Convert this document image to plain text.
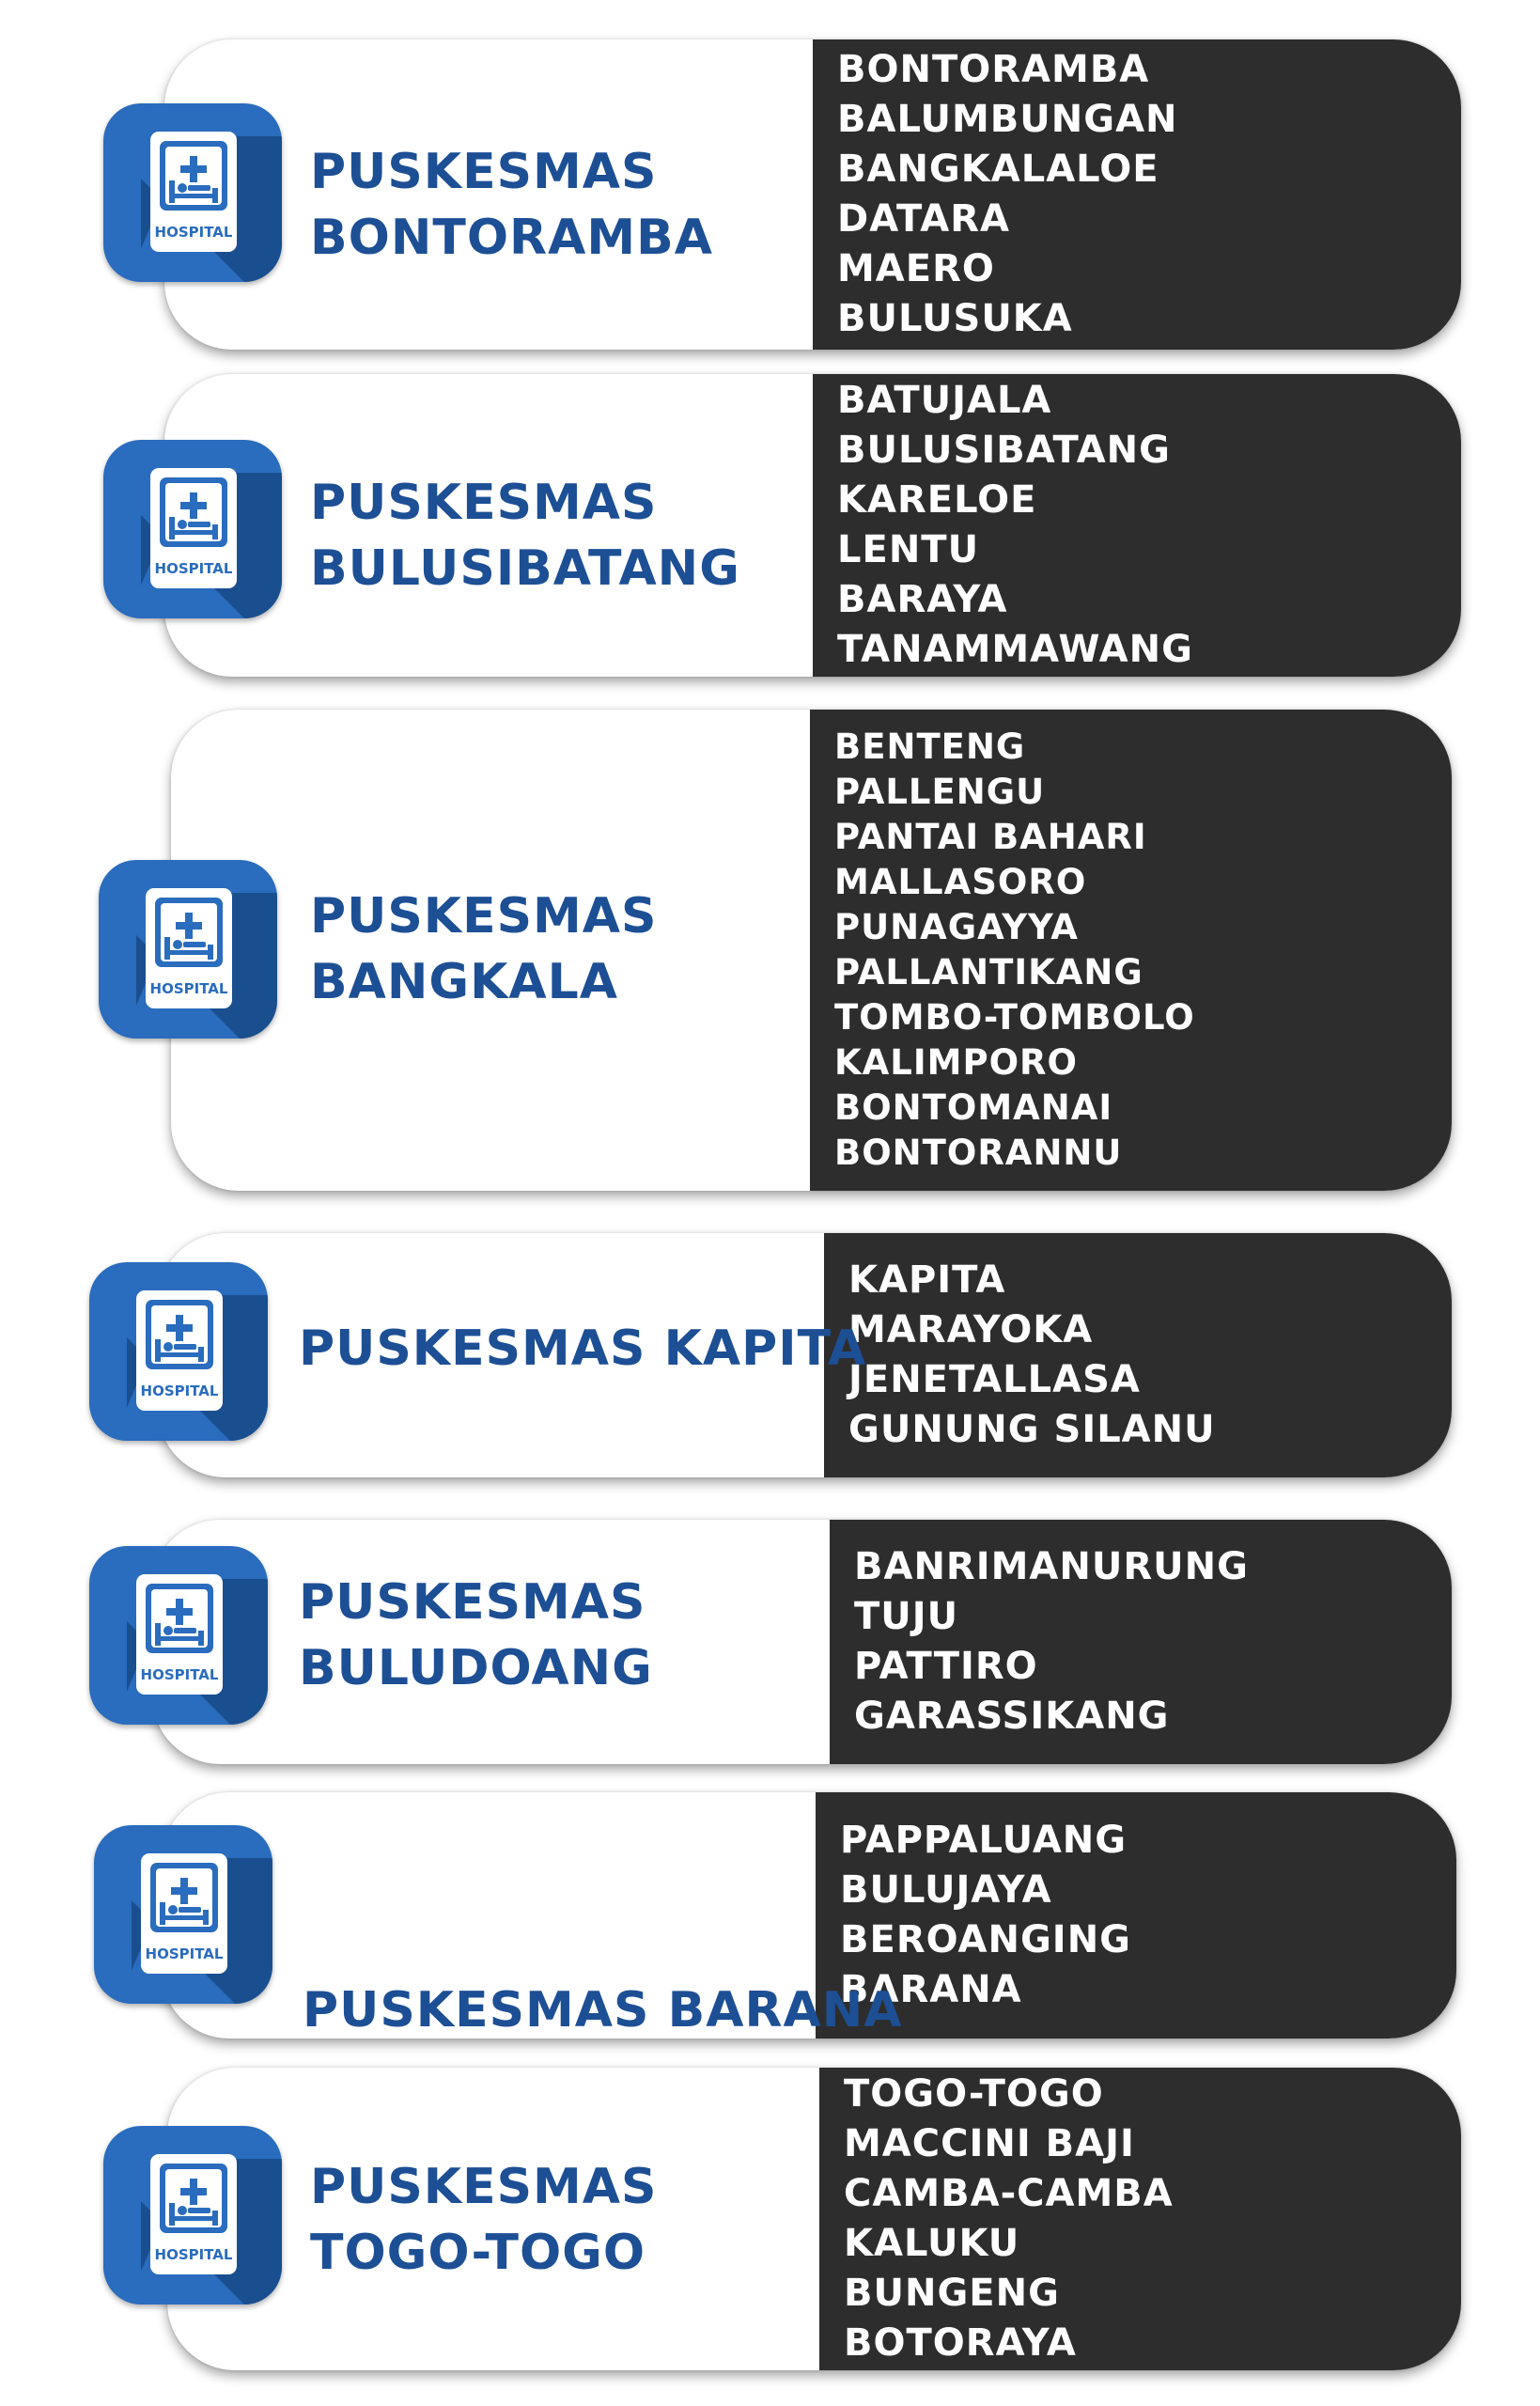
BONTORAMBA
BALUMBUNGAN
BANGKALALOE
DATARA
MAERO
BULUSUKA
HOSPITAL
PUSKESMAS
BONTORAMBA
BATUJALA
BULUSIBATANG
KARELOE
LENTU
BARAYA
TANAMMAWANG
HOSPITAL
PUSKESMAS
BULUSIBATANG
BENTENG
PALLENGU
PANTAI BAHARI
MALLASORO
PUNAGAYYA
PALLANTIKANG
TOMBO-TOMBOLO
KALIMPORO
BONTOMANAI
BONTORANNU
HOSPITAL
PUSKESMAS
BANGKALA
KAPITA
MARAYOKA
JENETALLASA
GUNUNG SILANU
HOSPITAL
PUSKESMAS KAPITA
BANRIMANURUNG
TUJU
PATTIRO
GARASSIKANG
HOSPITAL
PUSKESMAS
BULUDOANG
PAPPALUANG
BULUJAYA
BEROANGING
BARANA
HOSPITAL
PUSKESMAS BARANA
TOGO-TOGO
MACCINI BAJI
CAMBA-CAMBA
KALUKU
BUNGENG
BOTORAYA
HOSPITAL
PUSKESMAS
TOGO-TOGO
